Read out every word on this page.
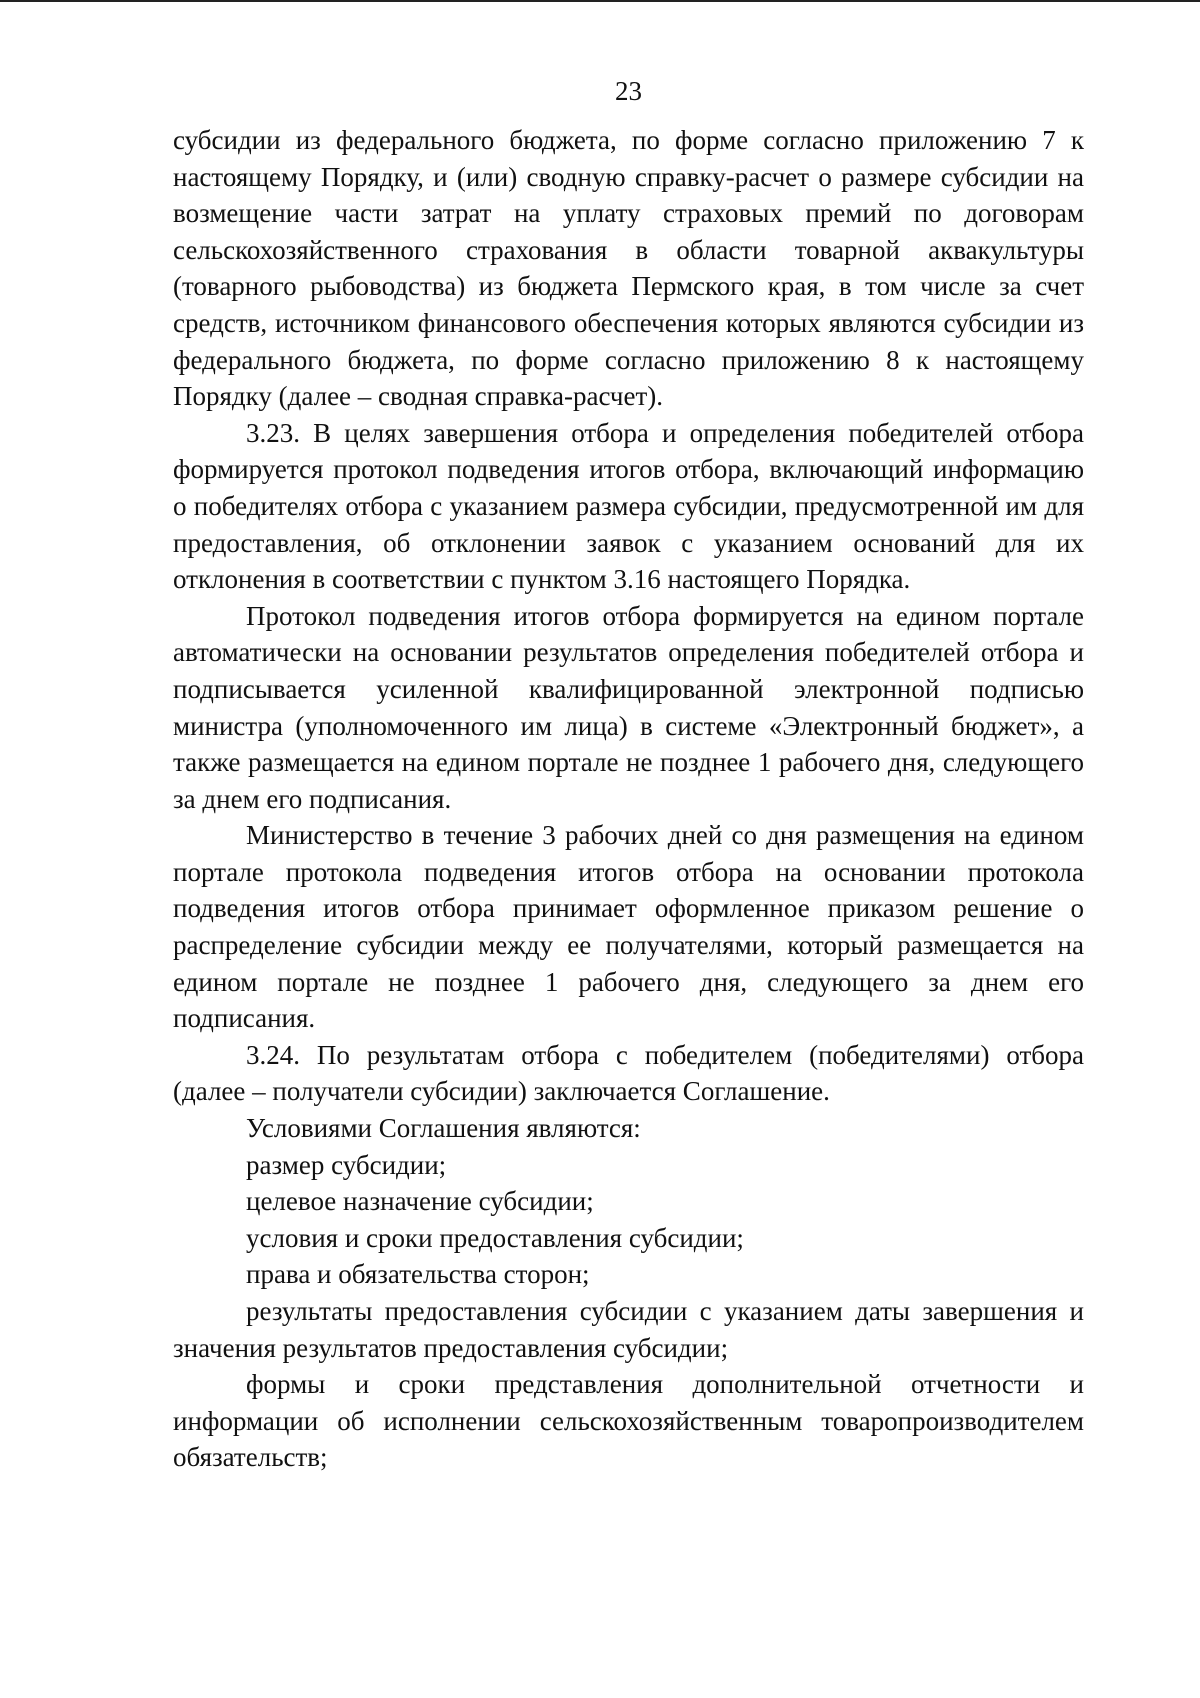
23

субсидии из федерального бюджета, по форме согласно приложению 7 к настоящему Порядку, и (или) сводную справку-расчет о размере субсидии на возмещение части затрат на уплату страховых премий по договорам сельскохозяйственного страхования в области товарной аквакультуры (товарного рыбоводства) из бюджета Пермского края, в том числе за счет средств, источником финансового обеспечения которых являются субсидии из федерального бюджета, по форме согласно приложению 8 к настоящему Порядку (далее – сводная справка-расчет).

3.23. В целях завершения отбора и определения победителей отбора формируется протокол подведения итогов отбора, включающий информацию о победителях отбора с указанием размера субсидии, предусмотренной им для предоставления, об отклонении заявок с указанием оснований для их отклонения в соответствии с пунктом 3.16 настоящего Порядка.

Протокол подведения итогов отбора формируется на едином портале автоматически на основании результатов определения победителей отбора и подписывается усиленной квалифицированной электронной подписью министра (уполномоченного им лица) в системе «Электронный бюджет», а также размещается на едином портале не позднее 1 рабочего дня, следующего за днем его подписания.

Министерство в течение 3 рабочих дней со дня размещения на едином портале протокола подведения итогов отбора на основании протокола подведения итогов отбора принимает оформленное приказом решение о распределение субсидии между ее получателями, который размещается на едином портале не позднее 1 рабочего дня, следующего за днем его подписания.

3.24. По результатам отбора с победителем (победителями) отбора (далее – получатели субсидии) заключается Соглашение.

Условиями Соглашения являются:

размер субсидии;

целевое назначение субсидии;

условия и сроки предоставления субсидии;

права и обязательства сторон;

результаты предоставления субсидии с указанием даты завершения и значения результатов предоставления субсидии;

формы и сроки представления дополнительной отчетности и информации об исполнении сельскохозяйственным товаропроизводителем обязательств;
